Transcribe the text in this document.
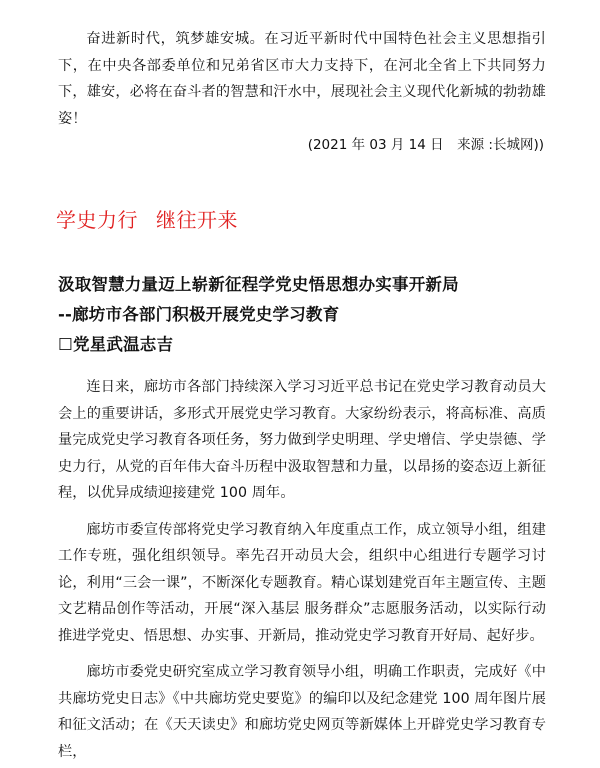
奋进新时代，筑梦雄安城。在习近平新时代中国特色社会主义思想指引下，在中央各部委单位和兄弟省区市大力支持下，在河北全省上下共同努力下，雄安，必将在奋斗者的智慧和汗水中，展现社会主义现代化新城的勃勃雄姿！

(2021 年 03 月 14 日　来源 :长城网))

学史力行 继往开来
汲取智慧力量迈上崭新征程学党史悟思想办实事开新局
--廊坊市各部门积极开展党史学习教育
☐党星武温志吉

连日来，廊坊市各部门持续深入学习习近平总书记在党史学习教育动员大会上的重要讲话，多形式开展党史学习教育。大家纷纷表示，将高标准、高质量完成党史学习教育各项任务，努力做到学史明理、学史增信、学史崇德、学史力行，从党的百年伟大奋斗历程中汲取智慧和力量，以昂扬的姿态迈上新征程，以优异成绩迎接建党 100 周年。

廊坊市委宣传部将党史学习教育纳入年度重点工作，成立领导小组，组建工作专班，强化组织领导。率先召开动员大会，组织中心组进行专题学习讨论，利用“三会一课”，不断深化专题教育。精心谋划建党百年主题宣传、主题文艺精品创作等活动，开展“深入基层 服务群众”志愿服务活动，以实际行动推进学党史、悟思想、办实事、开新局，推动党史学习教育开好局、起好步。

廊坊市委党史研究室成立学习教育领导小组，明确工作职责，完成好《中共廊坊党史日志》《中共廊坊党史要览》的编印以及纪念建党 100 周年图片展和征文活动；在《天天读史》和廊坊党史网页等新媒体上开辟党史学习教育专栏，
